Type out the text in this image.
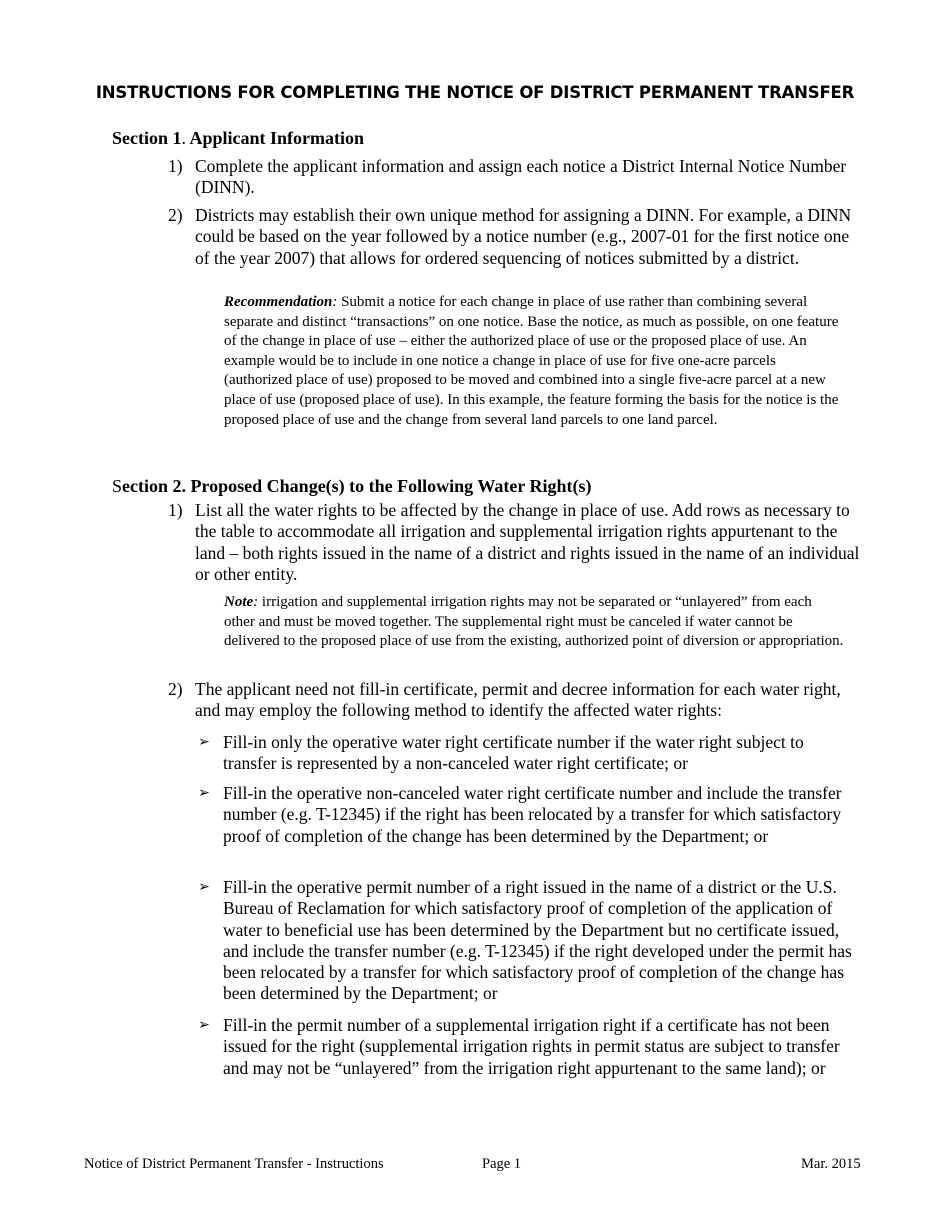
INSTRUCTIONS FOR COMPLETING THE NOTICE OF DISTRICT PERMANENT TRANSFER
Section 1. Applicant Information
1) Complete the applicant information and assign each notice a District Internal Notice Number (DINN).
2) Districts may establish their own unique method for assigning a DINN. For example, a DINN could be based on the year followed by a notice number (e.g., 2007-01 for the first notice one of the year 2007) that allows for ordered sequencing of notices submitted by a district.
Recommendation: Submit a notice for each change in place of use rather than combining several separate and distinct “transactions” on one notice. Base the notice, as much as possible, on one feature of the change in place of use – either the authorized place of use or the proposed place of use. An example would be to include in one notice a change in place of use for five one-acre parcels (authorized place of use) proposed to be moved and combined into a single five-acre parcel at a new place of use (proposed place of use). In this example, the feature forming the basis for the notice is the proposed place of use and the change from several land parcels to one land parcel.
Section 2. Proposed Change(s) to the Following Water Right(s)
1) List all the water rights to be affected by the change in place of use. Add rows as necessary to the table to accommodate all irrigation and supplemental irrigation rights appurtenant to the land – both rights issued in the name of a district and rights issued in the name of an individual or other entity.
Note: irrigation and supplemental irrigation rights may not be separated or “unlayered” from each other and must be moved together. The supplemental right must be canceled if water cannot be delivered to the proposed place of use from the existing, authorized point of diversion or appropriation.
2) The applicant need not fill-in certificate, permit and decree information for each water right, and may employ the following method to identify the affected water rights:
➢ Fill-in only the operative water right certificate number if the water right subject to transfer is represented by a non-canceled water right certificate; or
➢ Fill-in the operative non-canceled water right certificate number and include the transfer number (e.g. T-12345) if the right has been relocated by a transfer for which satisfactory proof of completion of the change has been determined by the Department; or
➢ Fill-in the operative permit number of a right issued in the name of a district or the U.S. Bureau of Reclamation for which satisfactory proof of completion of the application of water to beneficial use has been determined by the Department but no certificate issued, and include the transfer number (e.g. T-12345) if the right developed under the permit has been relocated by a transfer for which satisfactory proof of completion of the change has been determined by the Department; or
➢ Fill-in the permit number of a supplemental irrigation right if a certificate has not been issued for the right (supplemental irrigation rights in permit status are subject to transfer and may not be “unlayered” from the irrigation right appurtenant to the same land); or
Notice of District Permanent Transfer - Instructions	Page 1	Mar. 2015
